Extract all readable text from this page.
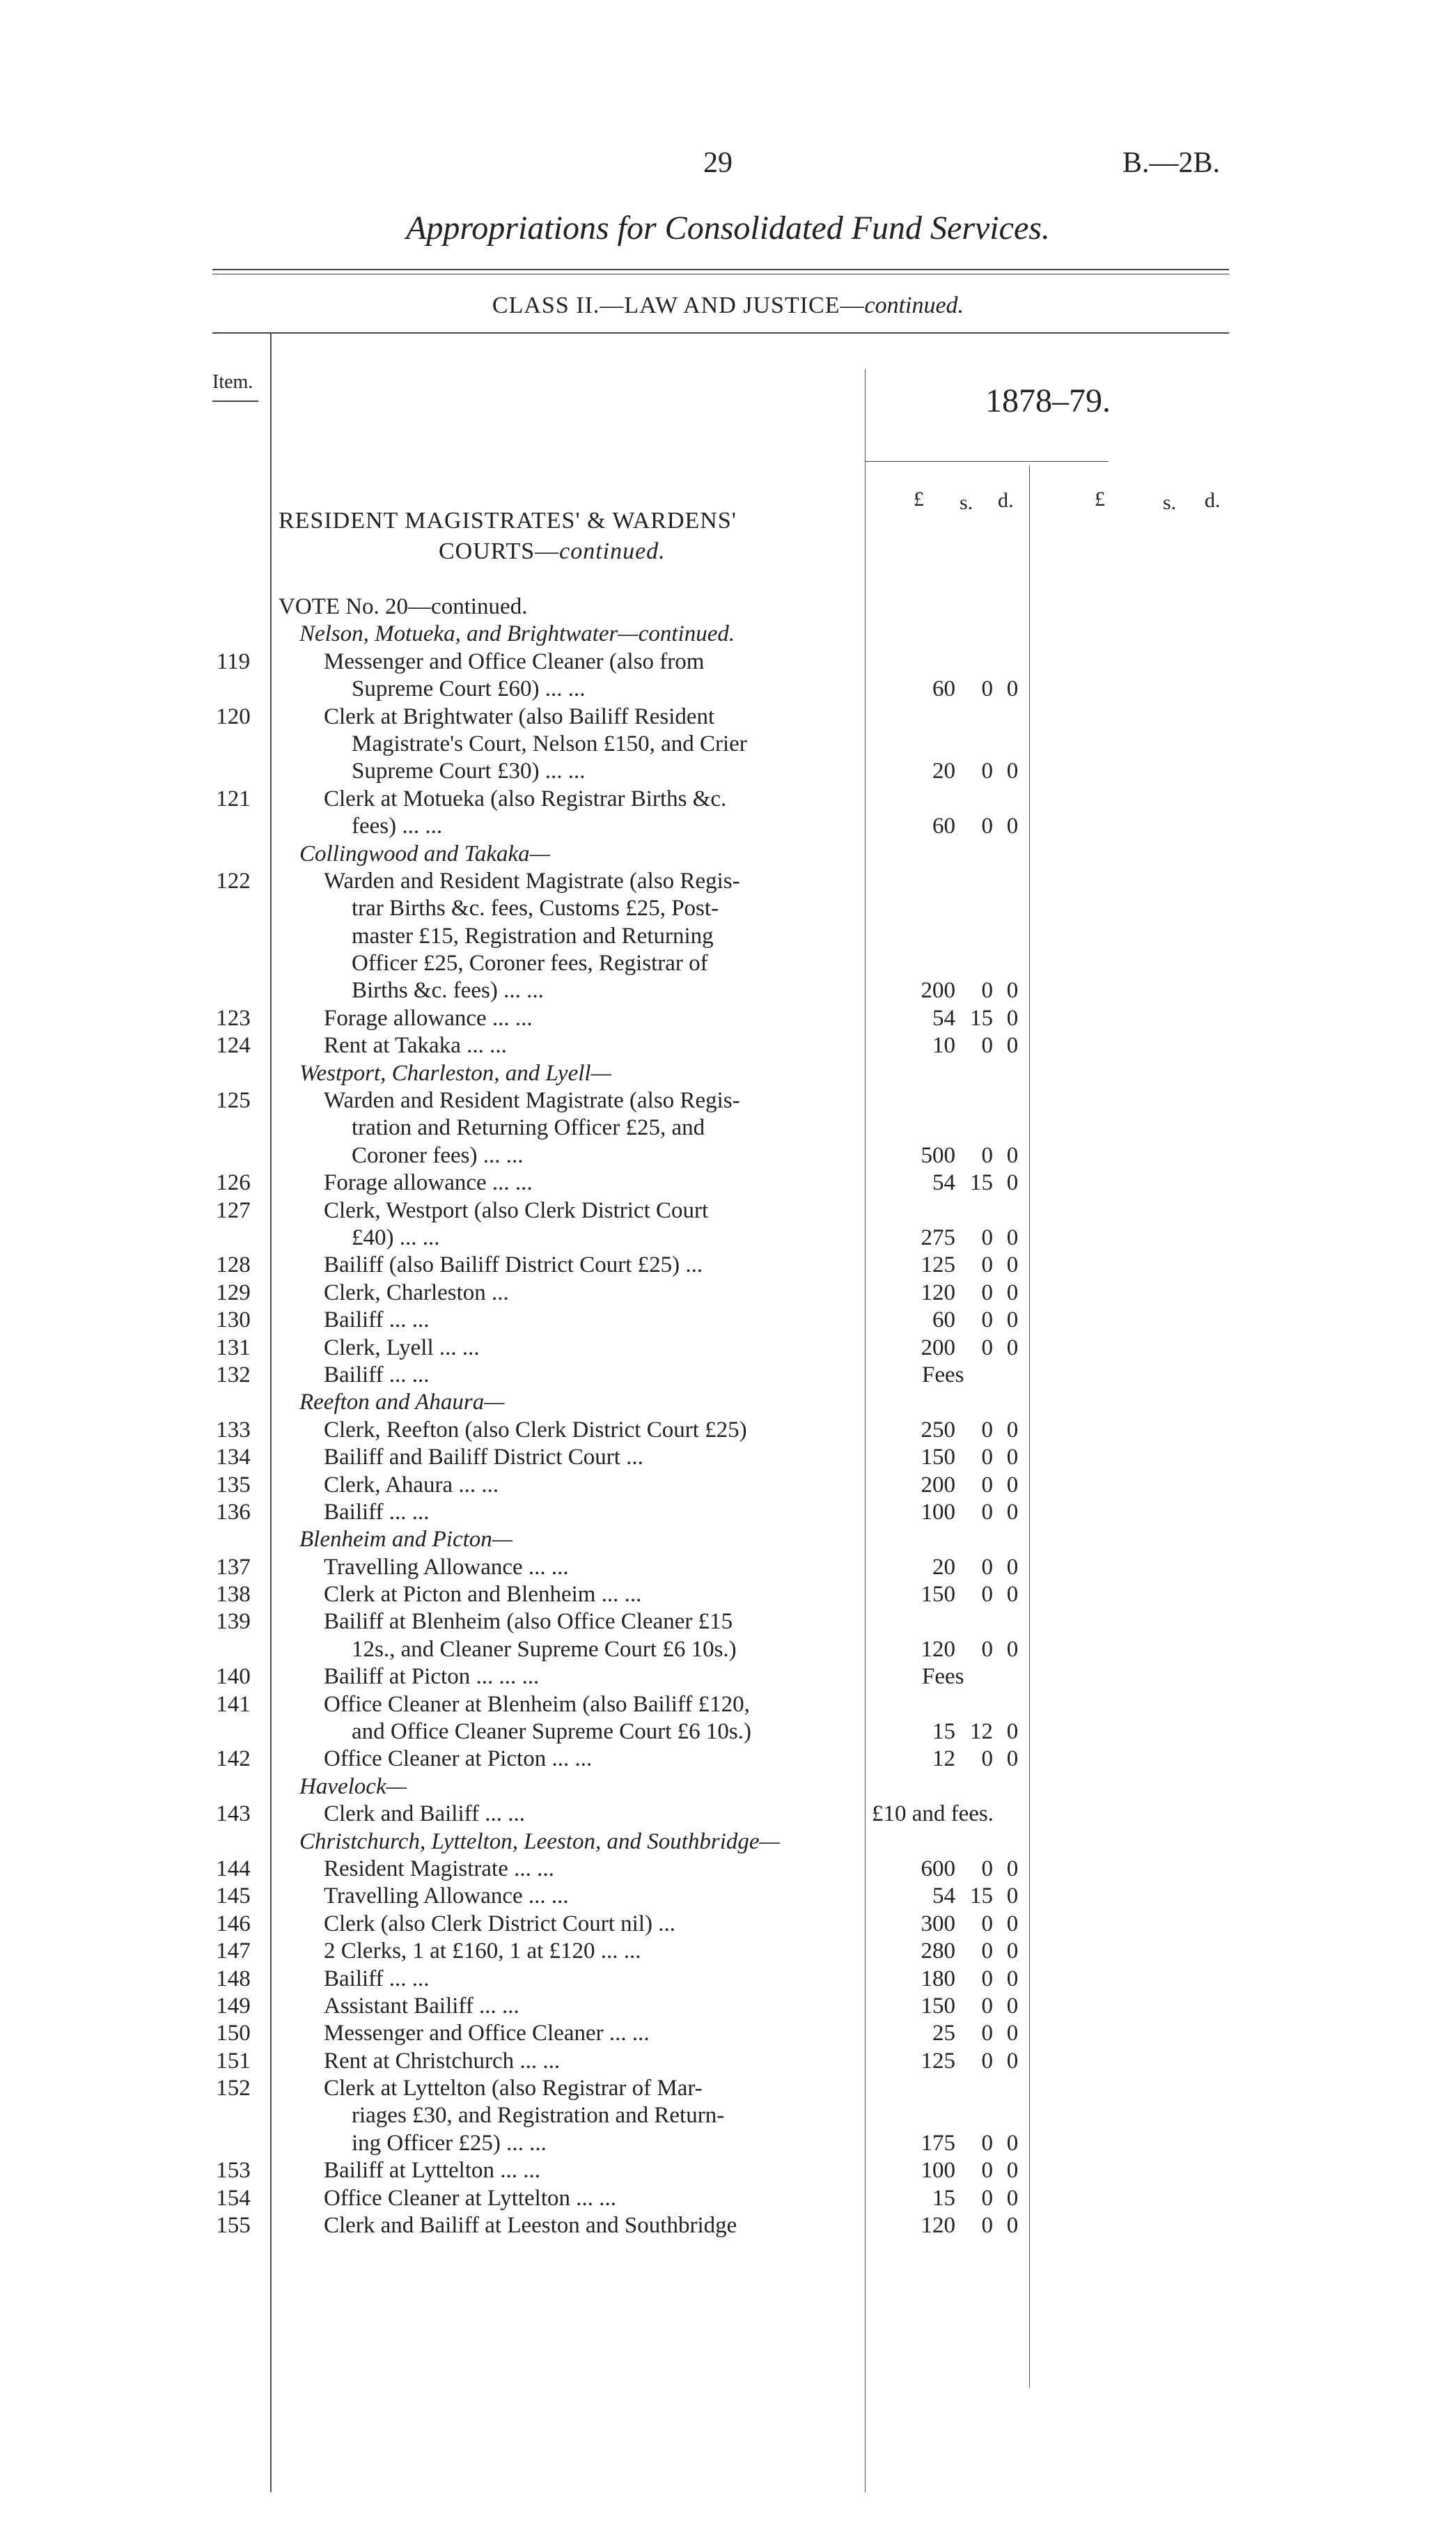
29	B.—2B.
Appropriations for Consolidated Fund Services.
CLASS II.—LAW AND JUSTICE—continued.
Item.
1878–79.
£ s. d.	£	s. d.
RESIDENT MAGISTRATES' & WARDENS'
COURTS—continued.
VOTE No. 20—continued.
Nelson, Motueka, and Brightwater—continued.
119	Messenger and Office Cleaner (also from
Supreme Court £60) ... ...	60	0 0
120	Clerk at Brightwater (also Bailiff Resident
Magistrate's Court, Nelson £150, and Crier
Supreme Court £30) ... ...	20	0 0
121	Clerk at Motueka (also Registrar Births &c.
fees) ... ...	60	0 0
Collingwood and Takaka—
122	Warden and Resident Magistrate (also Regis-
trar Births &c. fees, Customs £25, Post-
master £15, Registration and Returning
Officer £25, Coroner fees, Registrar of
Births &c. fees) ... ...	200	0 0
123	Forage allowance ... ...	54 15 0
124	Rent at Takaka ... ...	10	0 0
Westport, Charleston, and Lyell—
125	Warden and Resident Magistrate (also Regis-
tration and Returning Officer £25, and
Coroner fees) ... ...	500	0 0
126	Forage allowance ... ...	54 15 0
127	Clerk, Westport (also Clerk District Court
£40) ... ...	275	0 0
128	Bailiff (also Bailiff District Court £25) ...	125	0 0
129	Clerk, Charleston ...	120	0 0
130	Bailiff ... ...	60	0 0
131	Clerk, Lyell ... ...	200	0 0
132	Bailiff ... ...	Fees
Reefton and Ahaura—
133	Clerk, Reefton (also Clerk District Court £25)	250	0 0
134	Bailiff and Bailiff District Court ...	150	0 0
135	Clerk, Ahaura ... ...	200	0 0
136	Bailiff ... ...	100	0 0
Blenheim and Picton—
137	Travelling Allowance ... ...	20	0 0
138	Clerk at Picton and Blenheim ... ...	150	0 0
139	Bailiff at Blenheim (also Office Cleaner £15
12s., and Cleaner Supreme Court £6 10s.)	120	0 0
140	Bailiff at Picton ... ... ...	Fees
141	Office Cleaner at Blenheim (also Bailiff £120,
and Office Cleaner Supreme Court £6 10s.)	15 12 0
142	Office Cleaner at Picton ... ...	12	0 0
Havelock—
143	Clerk and Bailiff ... ...	£10 and fees.
Christchurch, Lyttelton, Leeston, and Southbridge—
144	Resident Magistrate ... ...	600	0 0
145	Travelling Allowance ... ...	54 15 0
146	Clerk (also Clerk District Court nil) ...	300	0 0
147	2 Clerks, 1 at £160, 1 at £120 ... ...	280	0 0
148	Bailiff ... ...	180	0 0
149	Assistant Bailiff ... ...	150	0 0
150	Messenger and Office Cleaner ... ...	25	0 0
151	Rent at Christchurch ... ...	125	0 0
152	Clerk at Lyttelton (also Registrar of Mar-
riages £30, and Registration and Return-
ing Officer £25) ... ...	175	0 0
153	Bailiff at Lyttelton ... ...	100	0 0
154	Office Cleaner at Lyttelton ... ...	15	0 0
155	Clerk and Bailiff at Leeston and Southbridge	120	0 0
